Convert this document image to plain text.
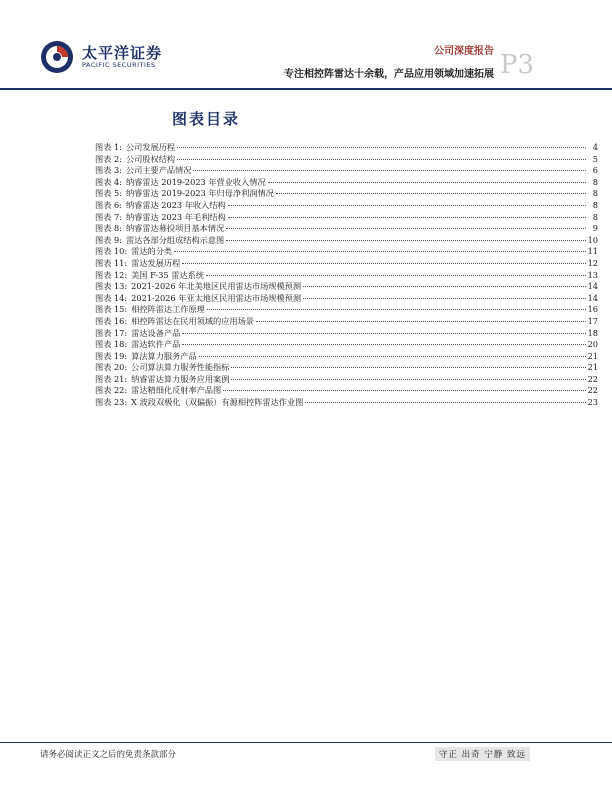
太平洋证券
PACIFIC SECURITIES
公司深度报告
专注相控阵雷达十余载，产品应用领域加速拓展 P3
图表目录
图表 1: 公司发展历程	4
图表 2: 公司股权结构	5
图表 3: 公司主要产品情况	6
图表 4: 纳睿雷达 2019-2023 年营业收入情况	8
图表 5: 纳睿雷达 2019-2023 年归母净利润情况	8
图表 6: 纳睿雷达 2023 年收入结构	8
图表 7: 纳睿雷达 2023 年毛利结构	8
图表 8: 纳睿雷达募投项目基本情况	9
图表 9: 雷达各部分组成结构示意图	10
图表 10: 雷达的分类	11
图表 11: 雷达发展历程	12
图表 12: 美国 F-35 雷达系统	13
图表 13: 2021-2026 年北美地区民用雷达市场规模预测	14
图表 14: 2021-2026 年亚太地区民用雷达市场规模预测	14
图表 15: 相控阵雷达工作原理	16
图表 16: 相控阵雷达在民用领域的应用场景	17
图表 17: 雷达设备产品	18
图表 18: 雷达软件产品	20
图表 19: 算法算力服务产品	21
图表 20: 公司算法算力服务性能指标	21
图表 21: 纳睿雷达算力服务应用案例	22
图表 22: 雷达精细化反射率产品图	22
图表 23: X 波段双极化（双偏振）有源相控阵雷达作业图	23
请务必阅读正文之后的免责条款部分	守正 出奇 宁静 致远
